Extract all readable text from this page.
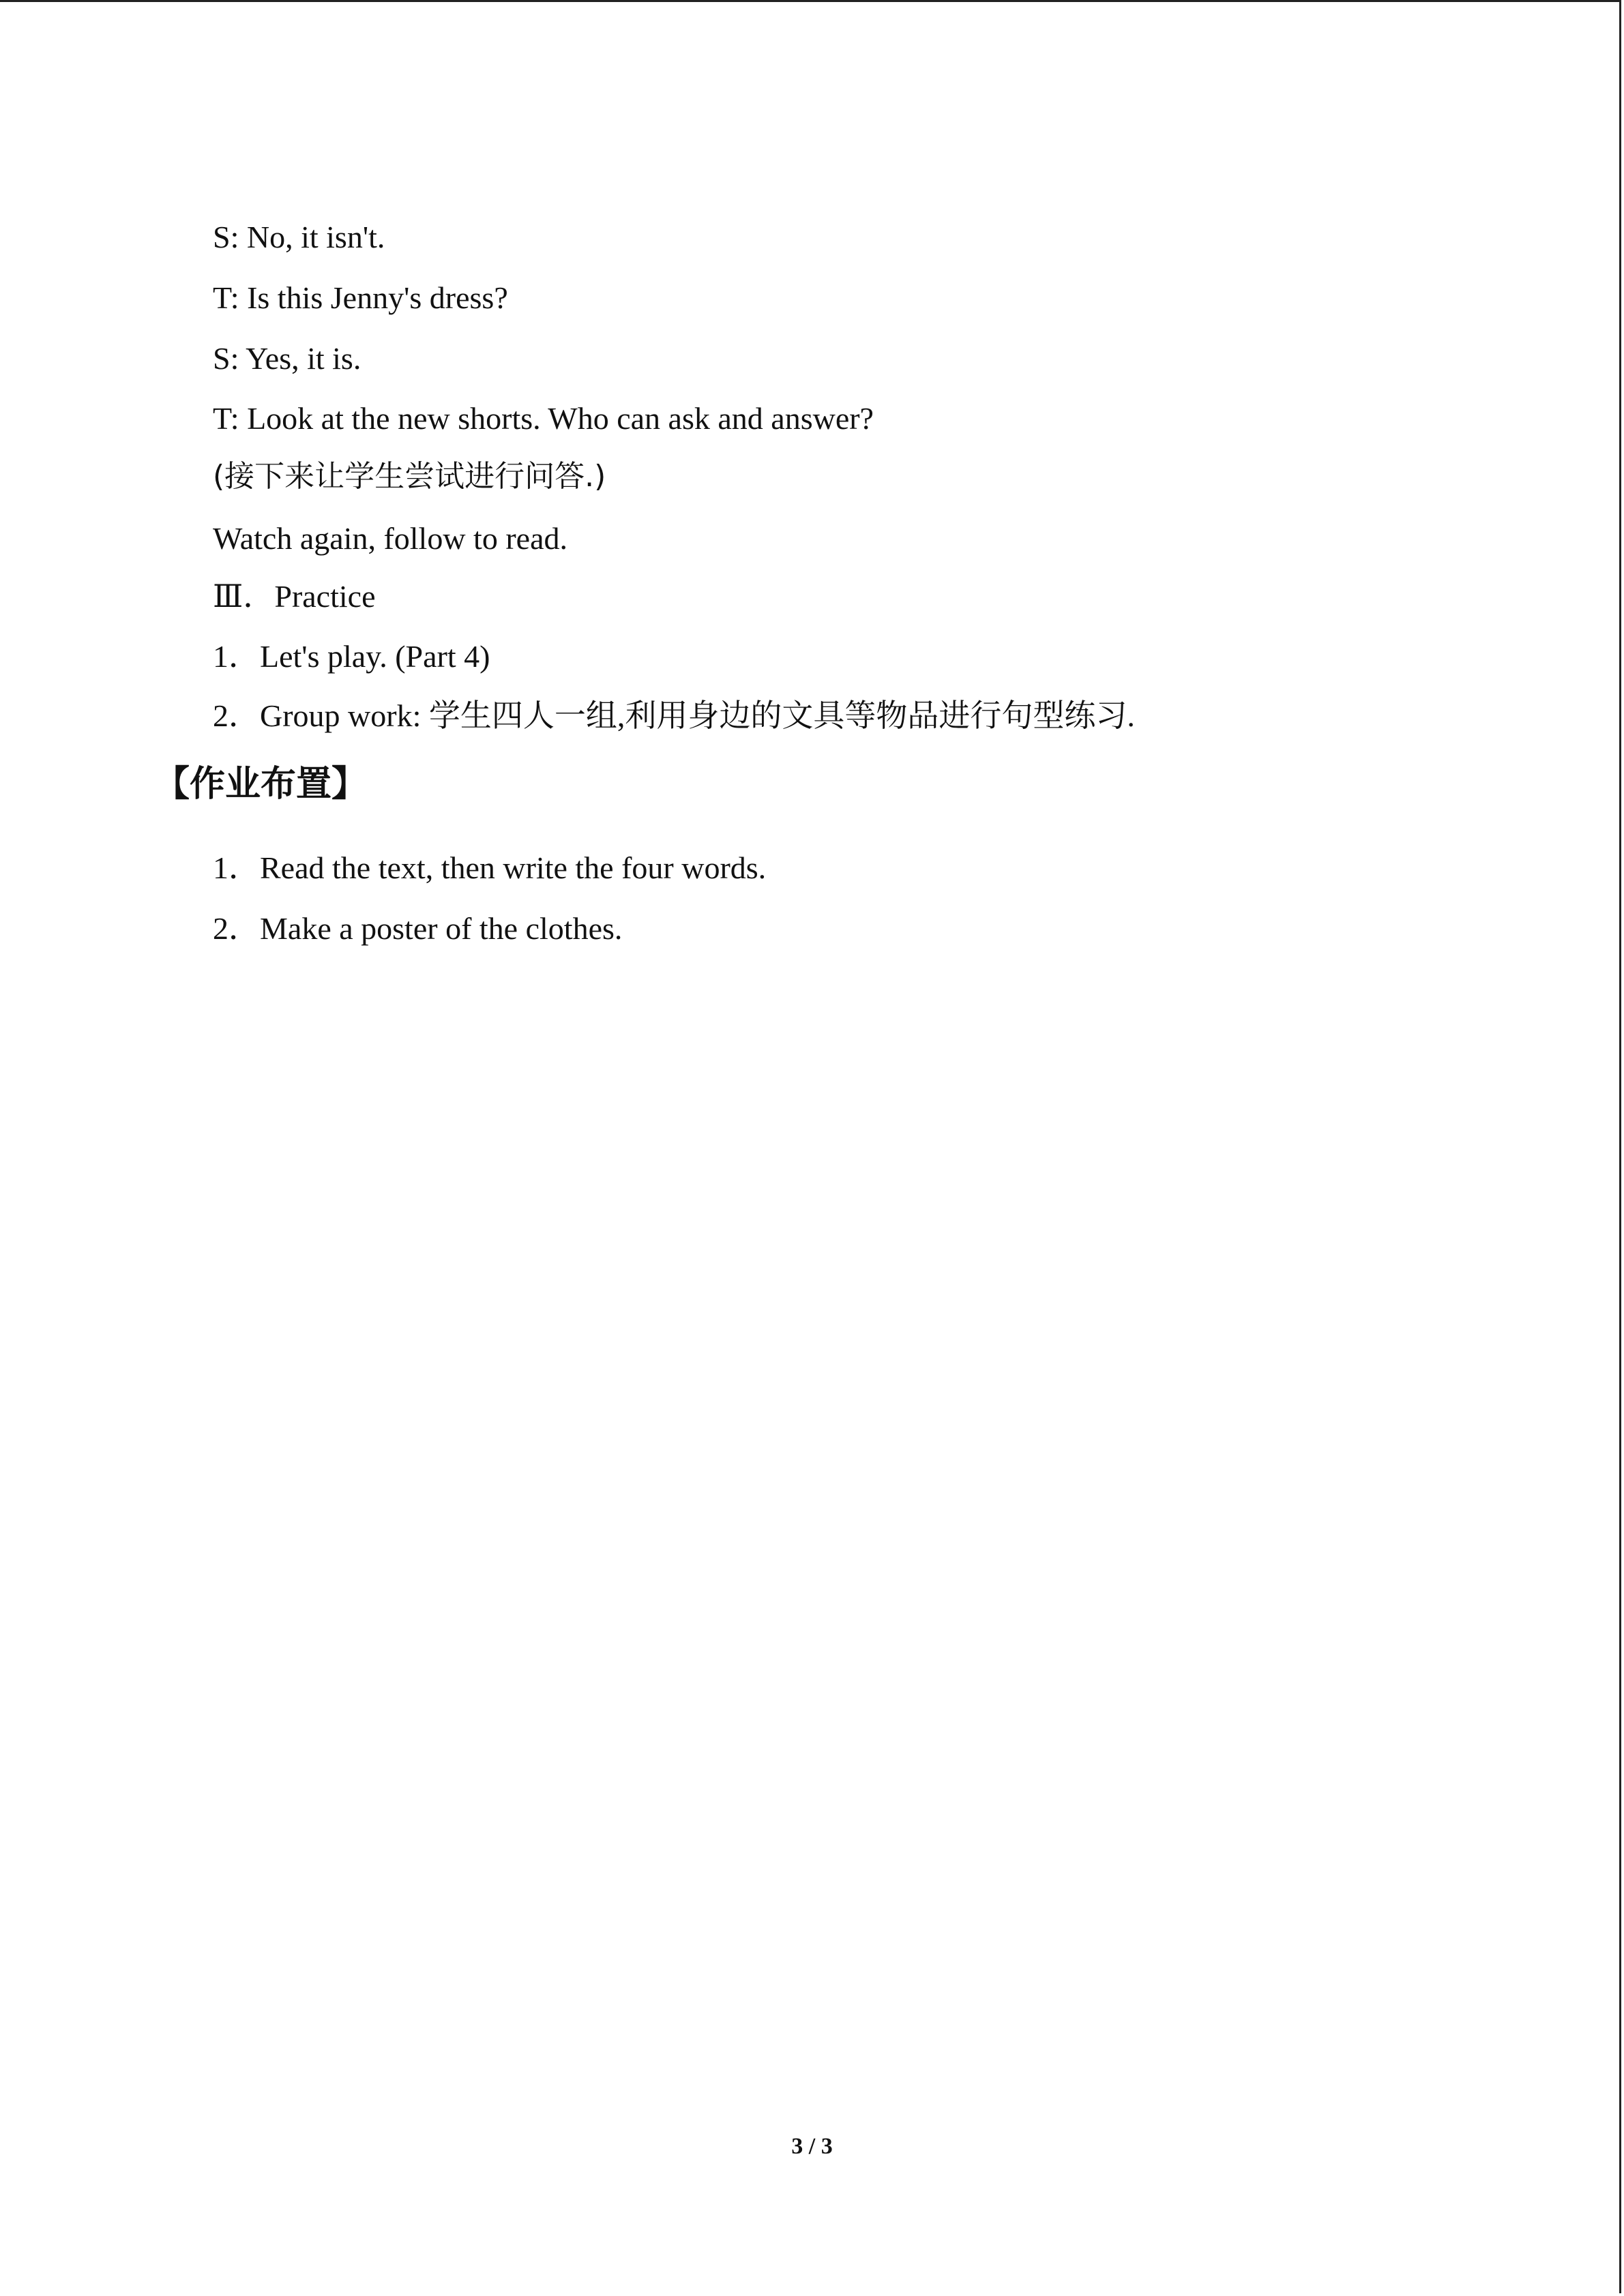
S: No, it isn't.
T: Is this Jenny's dress?
S: Yes, it is.
T: Look at the new shorts. Who can ask and answer?
(接下来让学生尝试进行问答.)
Watch again, follow to read.
Ⅲ．Practice
1．Let's play. (Part 4)
2．Group work: 学生四人一组,利用身边的文具等物品进行句型练习.
【作业布置】
1．Read the text, then write the four words.
2．Make a poster of the clothes.
3 / 3
